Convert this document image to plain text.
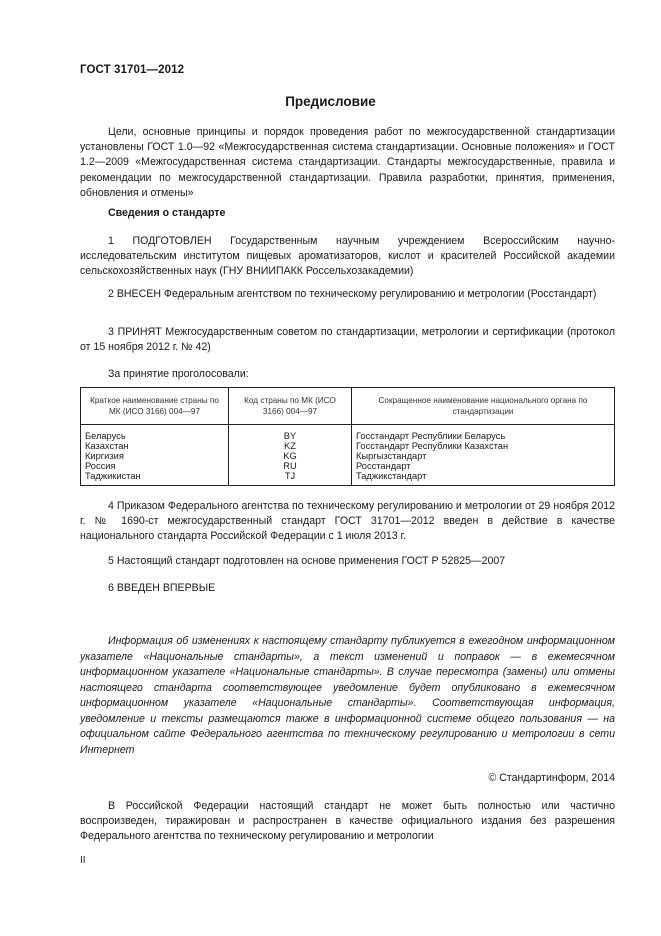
ГОСТ 31701—2012
Предисловие
Цели, основные принципы и порядок проведения работ по межгосударственной стандартизации установлены ГОСТ 1.0—92 «Межгосударственная система стандартизации. Основные положения» и ГОСТ 1.2—2009 «Межгосударственная система стандартизации. Стандарты межгосударственные, правила и рекомендации по межгосударственной стандартизации. Правила разработки, принятия, применения, обновления и отмены»
Сведения о стандарте
1 ПОДГОТОВЛЕН Государственным научным учреждением Всероссийским научно-исследовательским институтом пищевых ароматизаторов, кислот и красителей Российской академии сельскохозяйственных наук (ГНУ ВНИИПАКК Россельхозакадемии)
2 ВНЕСЕН Федеральным агентством по техническому регулированию и метрологии (Росстандарт)
3 ПРИНЯТ Межгосударственным советом по стандартизации, метрологии и сертификации (протокол от 15 ноября 2012 г. № 42)
За принятие проголосовали:
Краткое наименование страны по МК (ИСО 3166) 004—97	Код страны по МК (ИСО 3166) 004—97	Сокращенное наименование национального органа по стандартизации
Беларусь	BY	Госстандарт Республики Беларусь
Казахстан	KZ	Госстандарт Республики Казахстан
Киргизия	KG	Кыргызстандарт
Россия	RU	Росстандарт
Таджикистан	TJ	Таджикстандарт
4 Приказом Федерального агентства по техническому регулированию и метрологии от 29 ноября 2012 г. № 1690-ст межгосударственный стандарт ГОСТ 31701—2012 введен в действие в качестве национального стандарта Российской Федерации с 1 июля 2013 г.
5 Настоящий стандарт подготовлен на основе применения ГОСТ Р 52825—2007
6 ВВЕДЕН ВПЕРВЫЕ
Информация об изменениях к настоящему стандарту публикуется в ежегодном информационном указателе «Национальные стандарты», а текст изменений и поправок — в ежемесячном информационном указателе «Национальные стандарты». В случае пересмотра (замены) или отмены настоящего стандарта соответствующее уведомление будет опубликовано в ежемесячном информационном указателе «Национальные стандарты». Соответствующая информация, уведомление и тексты размещаются также в информационной системе общего пользования — на официальном сайте Федерального агентства по техническому регулированию и метрологии в сети Интернет
© Стандартинформ, 2014
В Российской Федерации настоящий стандарт не может быть полностью или частично воспроизведен, тиражирован и распространен в качестве официального издания без разрешения Федерального агентства по техническому регулированию и метрологии
II
